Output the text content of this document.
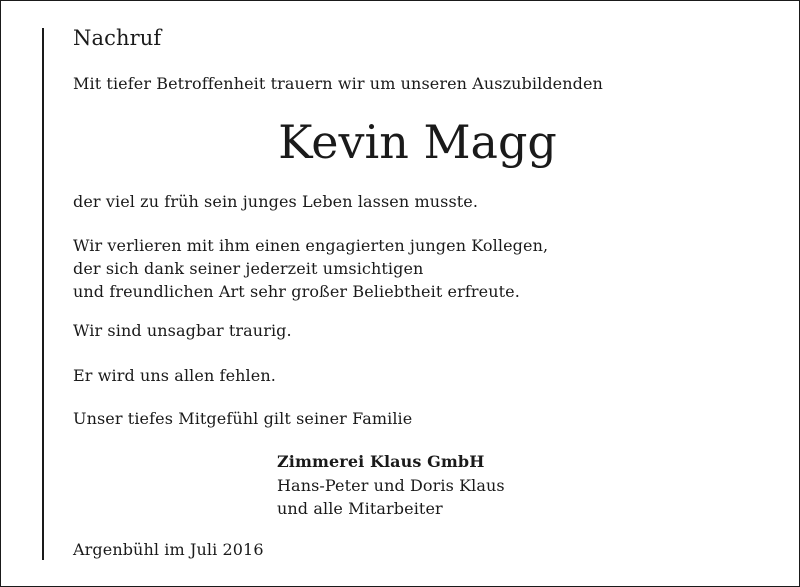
Nachruf
Mit tiefer Betroffenheit trauern wir um unseren Auszubildenden
Kevin Magg
der viel zu früh sein junges Leben lassen musste.
Wir verlieren mit ihm einen engagierten jungen Kollegen,
der sich dank seiner jederzeit umsichtigen
und freundlichen Art sehr großer Beliebtheit erfreute.
Wir sind unsagbar traurig.
Er wird uns allen fehlen.
Unser tiefes Mitgefühl gilt seiner Familie
Zimmerei Klaus GmbH
Hans-Peter und Doris Klaus
und alle Mitarbeiter
Argenbühl im Juli 2016
